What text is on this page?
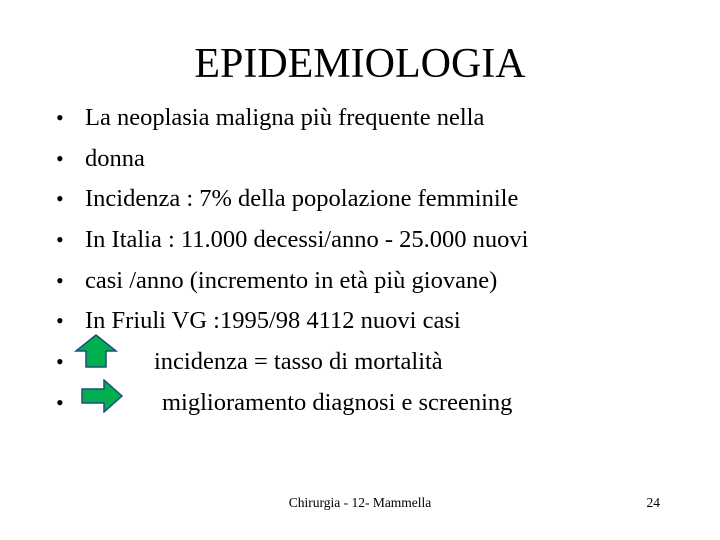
EPIDEMIOLOGIA
• La neoplasia maligna più frequente nella
• donna
• Incidenza : 7% della popolazione femminile
• In Italia : 11.000 decessi/anno - 25.000 nuovi
• casi /anno (incremento in età più giovane)
• In Friuli VG :1995/98 4112 nuovi casi
•	incidenza = tasso di mortalità
•	miglioramento diagnosi e screening
Chirurgia - 12- Mammella	24
